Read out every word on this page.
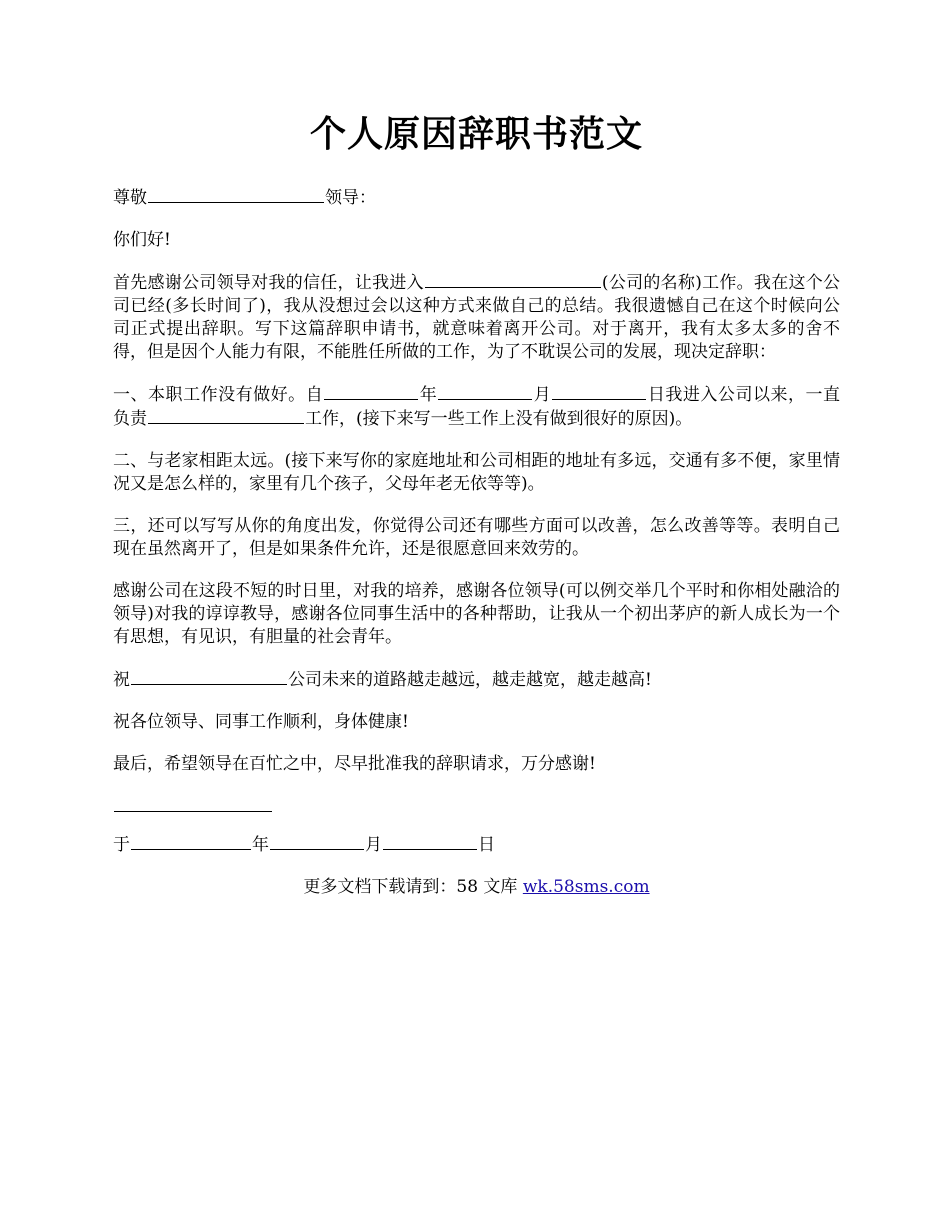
个人原因辞职书范文

尊敬	领导：

你们好!

首先感谢公司领导对我的信任，让我进入	(公司的名称)工作。我在这个公司已经(多长时间了)，我从没想过会以这种方式来做自己的总结。我很遗憾自己在这个时候向公司正式提出辞职。写下这篇辞职申请书，就意味着离开公司。对于离开，我有太多太多的舍不得，但是因个人能力有限，不能胜任所做的工作，为了不耽误公司的发展，现决定辞职：

一、本职工作没有做好。自	年	月	日我进入公司以来，一直负责	工作，(接下来写一些工作上没有做到很好的原因)。

二、与老家相距太远。(接下来写你的家庭地址和公司相距的地址有多远，交通有多不便，家里情况又是怎么样的，家里有几个孩子，父母年老无依等等)。

三，还可以写写从你的角度出发，你觉得公司还有哪些方面可以改善，怎么改善等等。表明自己现在虽然离开了，但是如果条件允许，还是很愿意回来效劳的。

感谢公司在这段不短的时日里，对我的培养，感谢各位领导(可以例交举几个平时和你相处融洽的领导)对我的谆谆教导，感谢各位同事生活中的各种帮助，让我从一个初出茅庐的新人成长为一个有思想，有见识，有胆量的社会青年。

祝	公司未来的道路越走越远，越走越宽，越走越高!

祝各位领导、同事工作顺利，身体健康!

最后，希望领导在百忙之中，尽早批准我的辞职请求，万分感谢!

于	年	月	日

更多文档下载请到：58 文库 wk.58sms.com
